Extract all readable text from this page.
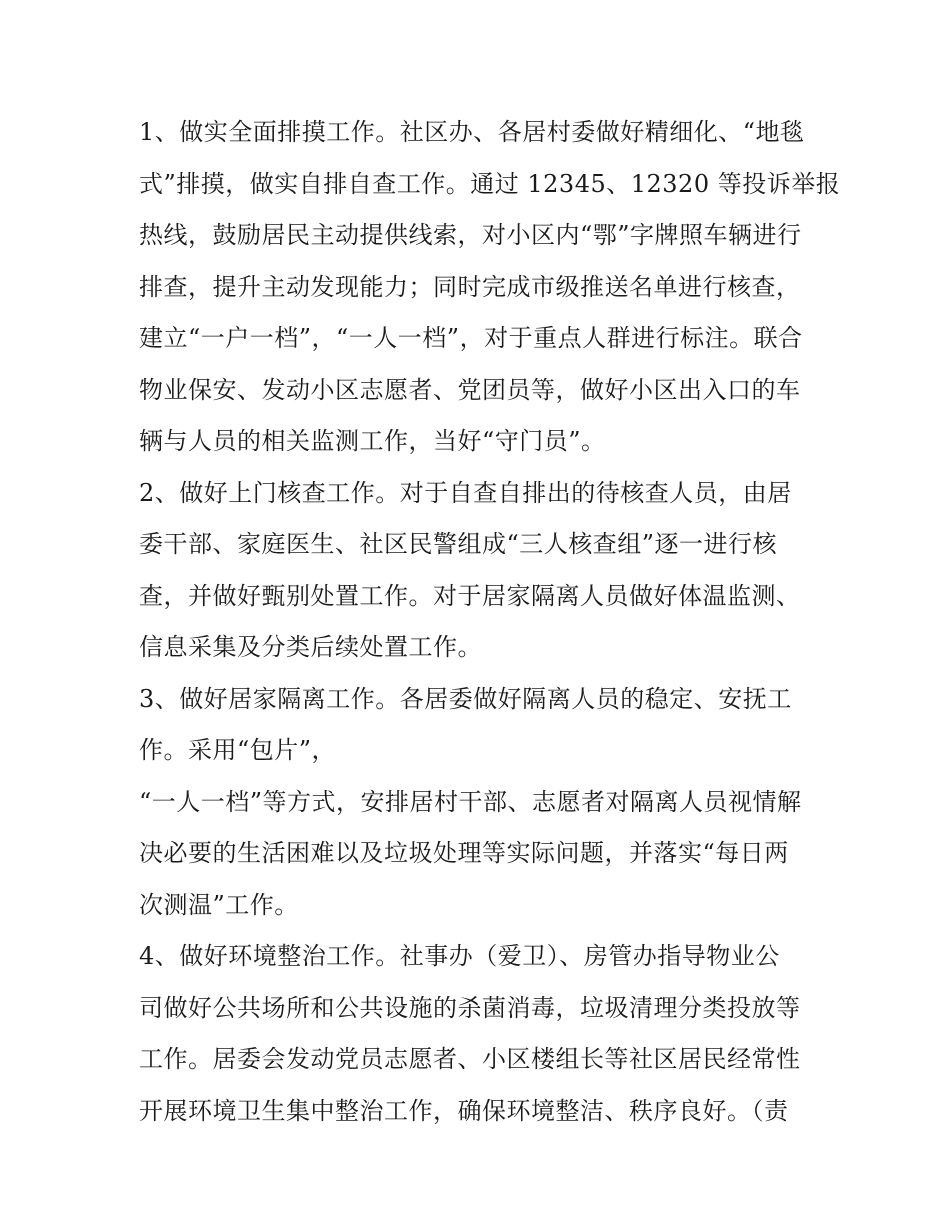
1、做实全面排摸工作。社区办、各居村委做好精细化、“地毯
式”排摸，做实自排自查工作。通过 12345、12320 等投诉举报
热线，鼓励居民主动提供线索，对小区内“鄂”字牌照车辆进行
排查，提升主动发现能力；同时完成市级推送名单进行核查，
建立“一户一档”，“一人一档”，对于重点人群进行标注。联合
物业保安、发动小区志愿者、党团员等，做好小区出入口的车
辆与人员的相关监测工作，当好“守门员”。
2、做好上门核查工作。对于自查自排出的待核查人员，由居
委干部、家庭医生、社区民警组成“三人核查组”逐一进行核
查，并做好甄别处置工作。对于居家隔离人员做好体温监测、
信息采集及分类后续处置工作。
3、做好居家隔离工作。各居委做好隔离人员的稳定、安抚工
作。采用“包片”，
“一人一档”等方式，安排居村干部、志愿者对隔离人员视情解
决必要的生活困难以及垃圾处理等实际问题，并落实“每日两
次测温”工作。
4、做好环境整治工作。社事办（爱卫）、房管办指导物业公
司做好公共场所和公共设施的杀菌消毒，垃圾清理分类投放等
工作。居委会发动党员志愿者、小区楼组长等社区居民经常性
开展环境卫生集中整治工作，确保环境整洁、秩序良好。（责
